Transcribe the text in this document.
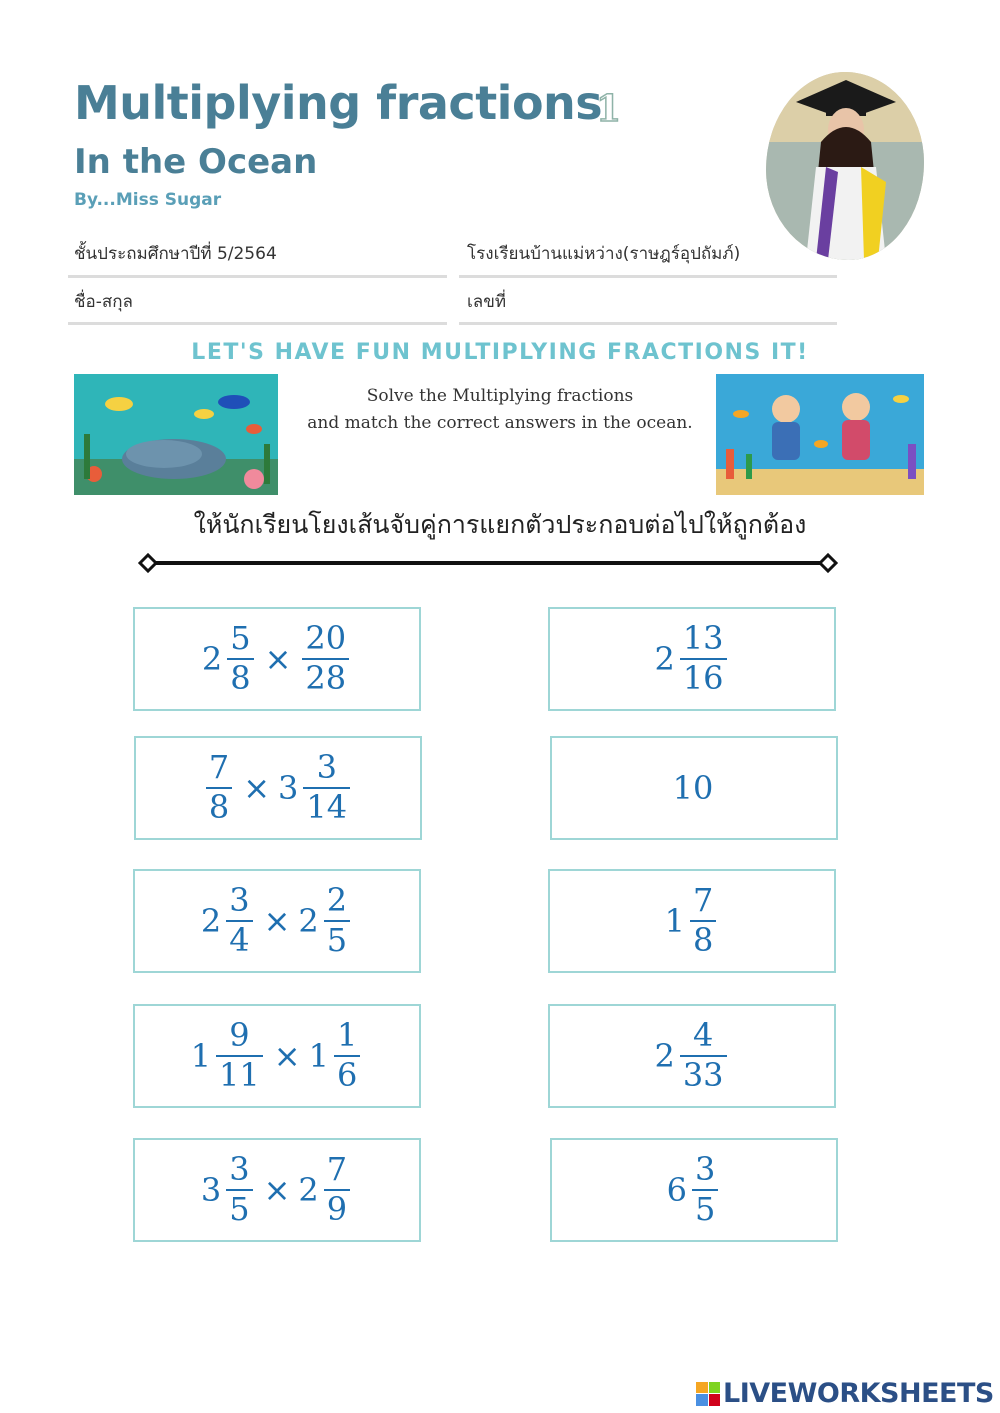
Multiplying fractions
1
In the Ocean
By...Miss Sugar
ชั้นประถมศึกษาปีที่ 5/2564	โรงเรียนบ้านแม่หว่าง(ราษฎร์อุปถัมภ์)
ชื่อ-สกุล	เลขที่
LET'S HAVE FUN MULTIPLYING FRACTIONS IT!
Solve the Multiplying fractions
and match the correct answers in the ocean.
ให้นักเรียนโยงเส้นจับคู่การแยกตัวประกอบต่อไปให้ถูกต้อง
$2 \frac{5}{8} \times \frac{20}{28}$
$\frac{7}{8} \times 3 \frac{3}{14}$
$2 \frac{3}{4} \times 2 \frac{2}{5}$
$1 \frac{9}{11} \times 1 \frac{1}{6}$
$3 \frac{3}{5} \times 2 \frac{7}{9}$
$2 \frac{13}{16}$
10
$1 \frac{7}{8}$
$2 \frac{4}{33}$
$6 \frac{3}{5}$
LIVEWORKSHEETS
